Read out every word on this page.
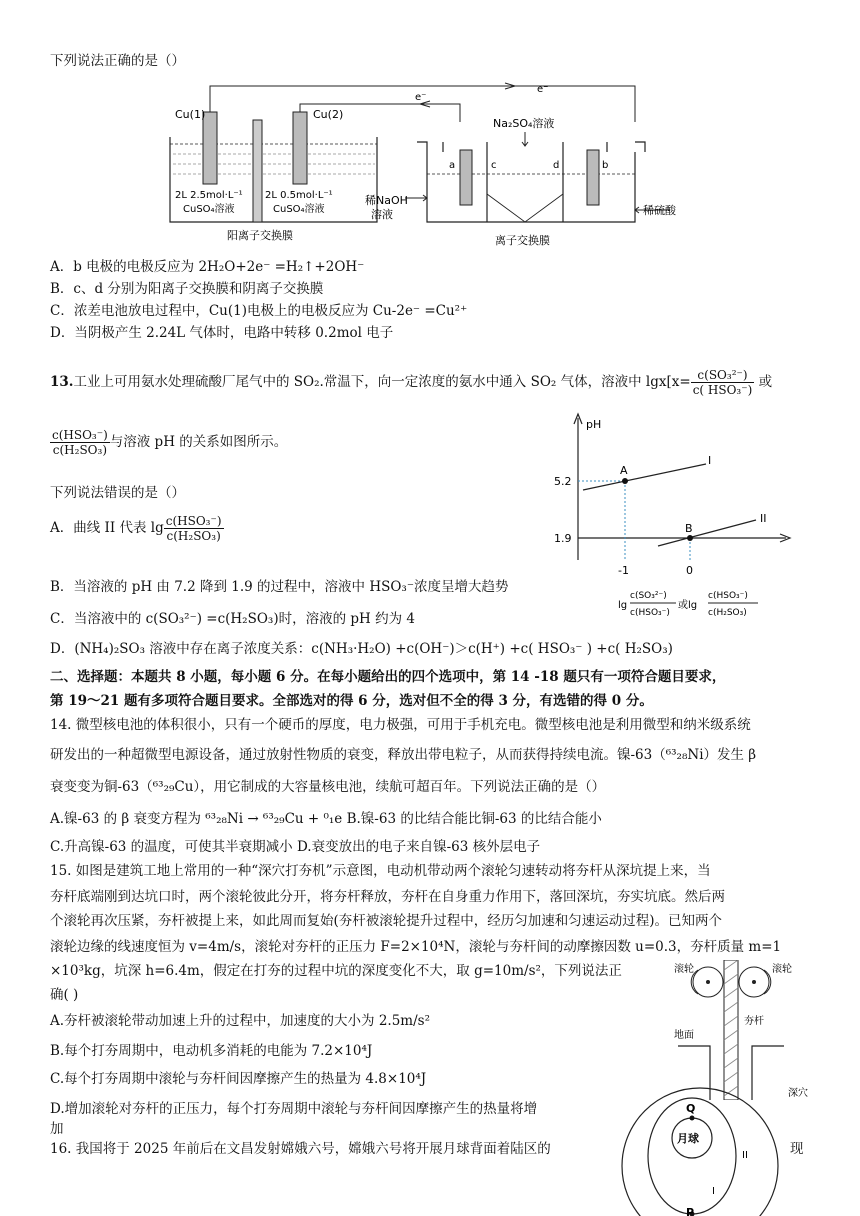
下列说法正确的是（）
Cu(1)	Cu(2)
2L 2.5mol·L⁻¹
CuSO₄溶液
2L 0.5mol·L⁻¹
CuSO₄溶液
阳离子交换膜
e⁻
e⁻
a	c	d	b
Na₂SO₄溶液
稀NaOH
溶液	稀硫酸
离子交换膜
A．b 电极的电极反应为 2H₂O+2e⁻ =H₂↑+2OH⁻
B．c、d 分别为阳离子交换膜和阴离子交换膜
C．浓差电池放电过程中，Cu(1)电极上的电极反应为 Cu-2e⁻ =Cu²⁺
D．当阴极产生 2.24L 气体时，电路中转移 0.2mol 电子
13.工业上可用氨水处理硫酸厂尾气中的 SO₂.常温下，向一定浓度的氨水中通入 SO₂ 气体，溶液中 $\lg x[x= \frac{\text{c(SO₃²⁻)}}{\text{c( HSO₃⁻)}}$ 或
$\frac{\text{c(HSO₃⁻)}}{\text{c(H₂SO₃)}}$ 与溶液 pH 的关系如图所示。
下列说法错误的是（）
A．曲线 II 代表 $\lg \frac{\text{c(HSO₃⁻)}}{\text{c(H₂SO₃)}}$
B．当溶液的 pH 由 7.2 降到 1.9 的过程中，溶液中 HSO₃⁻浓度呈增大趋势
C．当溶液中的 c(SO₃²⁻) =c(H₂SO₃)时，溶液的 pH 约为 4
D．(NH₄)₂SO₃ 溶液中存在离子浓度关系：c(NH₃·H₂O) +c(OH⁻)＞c(H⁺) +c( HSO₃⁻ ) +c( H₂SO₃)
pH
5.2
1.9
-1	0
A
B
I
II
lg
c(SO₃²⁻)
c(HSO₃⁻)
或lg
c(HSO₃⁻)
c(H₂SO₃)
二、选择题：本题共 8 小题，每小题 6 分。在每小题给出的四个选项中，第 14 -18 题只有一项符合题目要求，
第 19～21 题有多项符合题目要求。全部选对的得 6 分，选对但不全的得 3 分，有选错的得 0 分。
14. 微型核电池的体积很小，只有一个硬币的厚度，电力极强，可用于手机充电。微型核电池是利用微型和纳米级系统
研发出的一种超微型电源设备，通过放射性物质的衰变，释放出带电粒子，从而获得持续电流。镍-63（⁶³₂₈Ni）发生 β
衰变变为铜-63（⁶³₂₉Cu），用它制成的大容量核电池，续航可超百年。下列说法正确的是（）
A.镍-63 的 β 衰变方程为 ⁶³₂₈Ni → ⁶³₂₉Cu + ⁰₁e B.镍-63 的比结合能比铜-63 的比结合能小
C.升高镍-63 的温度，可使其半衰期减小 D.衰变放出的电子来自镍-63 核外层电子
15. 如图是建筑工地上常用的一种“深穴打夯机”示意图，电动机带动两个滚轮匀速转动将夯杆从深坑提上来，当
夯杆底端刚到达坑口时，两个滚轮彼此分开，将夯杆释放，夯杆在自身重力作用下，落回深坑，夯实坑底。然后两
个滚轮再次压紧，夯杆被提上来，如此周而复始(夯杆被滚轮提升过程中，经历匀加速和匀速运动过程)。已知两个
滚轮边缘的线速度恒为 v=4m/s，滚轮对夯杆的正压力 F=2×10⁴N，滚轮与夯杆间的动摩擦因数 u=0.3，夯杆质量 m=1
×10³kg，坑深 h=6.4m，假定在打夯的过程中坑的深度变化不大，取 g=10m/s²，下列说法正
确( )
A.夯杆被滚轮带动加速上升的过程中，加速度的大小为 2.5m/s²
B.每个打夯周期中，电动机多消耗的电能为 7.2×10⁴J
C.每个打夯周期中滚轮与夯杆间因摩擦产生的热量为 4.8×10⁴J
D.增加滚轮对夯杆的正压力，每个打夯周期中滚轮与夯杆间因摩擦产生的热量将增
加
滚轮	滚轮
地面
夯杆
深穴
16. 我国将于 2025 年前后在文昌发射嫦娥六号，嫦娥六号将开展月球背面着陆区的	现
Q
P
月球
I
II
